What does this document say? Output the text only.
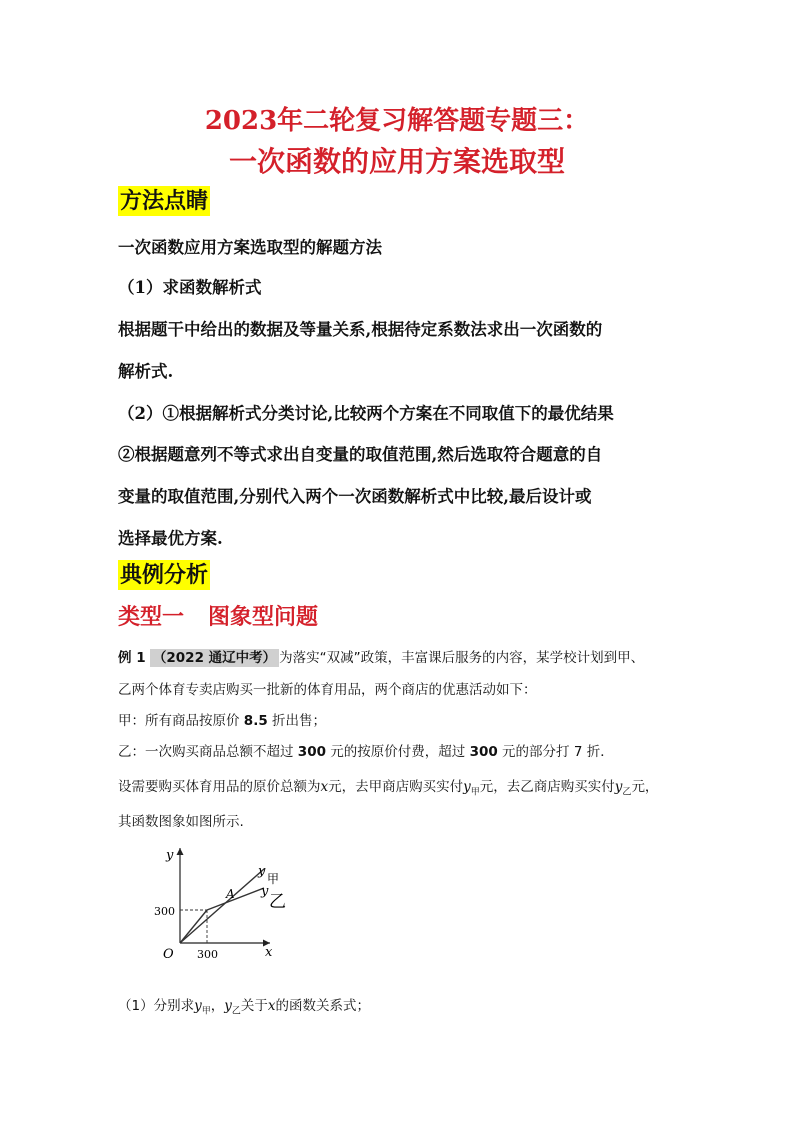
2023年二轮复习解答题专题三：
一次函数的应用方案选取型
方法点睛
一次函数应用方案选取型的解题方法
（1）求函数解析式
根据题干中给出的数据及等量关系,根据待定系数法求出一次函数的
解析式.
（2）①根据解析式分类讨论,比较两个方案在不同取值下的最优结果
②根据题意列不等式求出自变量的取值范围,然后选取符合题意的自
变量的取值范围,分别代入两个一次函数解析式中比较,最后设计或
选择最优方案.
典例分析
类型一 图象型问题
例 1 （2022 通辽中考） 为落实“双减”政策，丰富课后服务的内容，某学校计划到甲、
乙两个体育专卖店购买一批新的体育用品，两个商店的优惠活动如下：
甲：所有商品按原价 8.5 折出售；
乙：一次购买商品总额不超过 300 元的按原价付费，超过 300 元的部分打 7 折．
设需要购买体育用品的原价总额为x元，去甲商店购买实付$y_甲$元，去乙商店购买实付$y_乙$元，
其函数图象如图所示.
y
x
O 300
300
A
y 甲
y
乙
（1）分别求$y_甲$，$y_乙$关于x的函数关系式；
